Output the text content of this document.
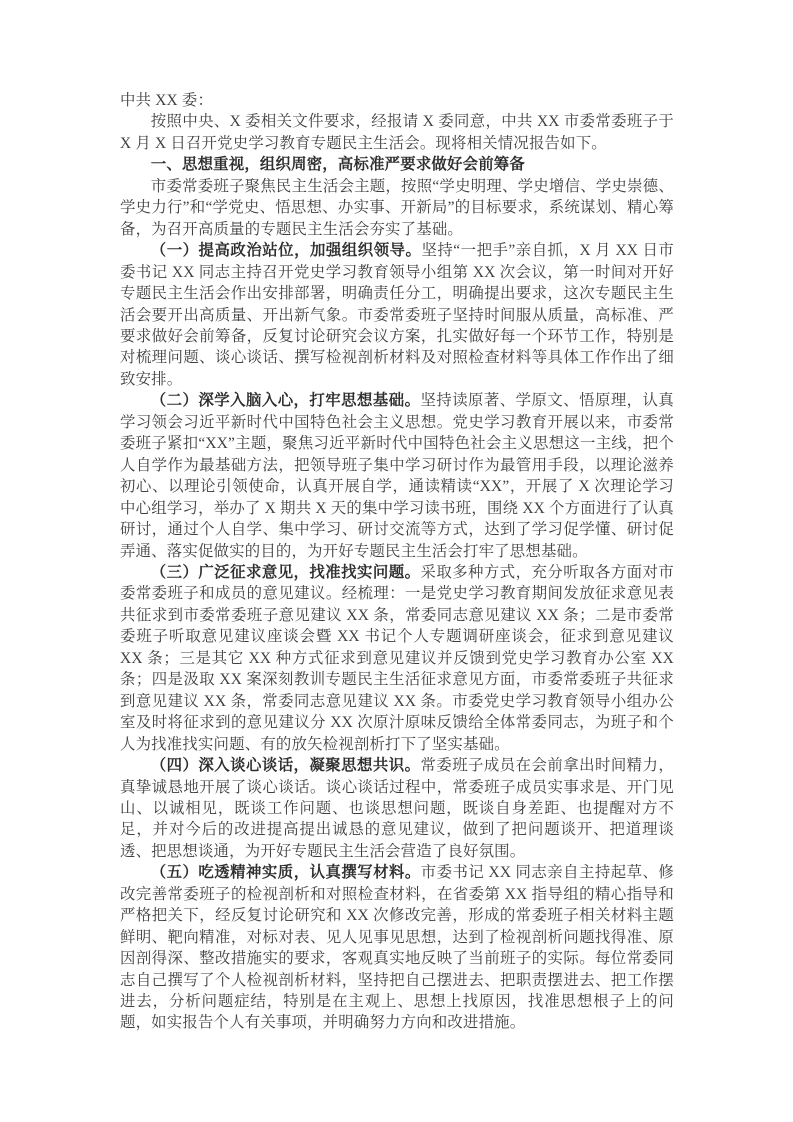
中共 XX 委：

按照中央、X 委相关文件要求，经报请 X 委同意，中共 XX 市委常委班子于 X 月 X 日召开党史学习教育专题民主生活会。现将相关情况报告如下。

一、思想重视，组织周密，高标准严要求做好会前筹备

市委常委班子聚焦民主生活会主题，按照“学史明理、学史增信、学史崇德、学史力行”和“学党史、悟思想、办实事、开新局”的目标要求，系统谋划、精心筹备，为召开高质量的专题民主生活会夯实了基础。

（一）提高政治站位，加强组织领导。坚持“一把手”亲自抓，X 月 XX 日市委书记 XX 同志主持召开党史学习教育领导小组第 XX 次会议，第一时间对开好专题民主生活会作出安排部署，明确责任分工，明确提出要求，这次专题民主生活会要开出高质量、开出新气象。市委常委班子坚持时间服从质量，高标准、严要求做好会前筹备，反复讨论研究会议方案，扎实做好每一个环节工作，特别是对梳理问题、谈心谈话、撰写检视剖析材料及对照检查材料等具体工作作出了细致安排。

（二）深学入脑入心，打牢思想基础。坚持读原著、学原文、悟原理，认真学习领会习近平新时代中国特色社会主义思想。党史学习教育开展以来，市委常委班子紧扣“XX”主题，聚焦习近平新时代中国特色社会主义思想这一主线，把个人自学作为最基础方法，把领导班子集中学习研讨作为最管用手段，以理论滋养初心、以理论引领使命，认真开展自学，通读精读“XX”，开展了 X 次理论学习中心组学习，举办了 X 期共 X 天的集中学习读书班，围绕 XX 个方面进行了认真研讨，通过个人自学、集中学习、研讨交流等方式，达到了学习促学懂、研讨促弄通、落实促做实的目的，为开好专题民主生活会打牢了思想基础。

（三）广泛征求意见，找准找实问题。采取多种方式，充分听取各方面对市委常委班子和成员的意见建议。经梳理：一是党史学习教育期间发放征求意见表共征求到市委常委班子意见建议 XX 条，常委同志意见建议 XX 条；二是市委常委班子听取意见建议座谈会暨 XX 书记个人专题调研座谈会，征求到意见建议 XX 条；三是其它 XX 种方式征求到意见建议并反馈到党史学习教育办公室 XX 条；四是汲取 XX 案深刻教训专题民主生活征求意见方面，市委常委班子共征求到意见建议 XX 条，常委同志意见建议 XX 条。市委党史学习教育领导小组办公室及时将征求到的意见建议分 XX 次原汁原味反馈给全体常委同志，为班子和个人为找准找实问题、有的放矢检视剖析打下了坚实基础。

（四）深入谈心谈话，凝聚思想共识。常委班子成员在会前拿出时间精力，真挚诚恳地开展了谈心谈话。谈心谈话过程中，常委班子成员实事求是、开门见山、以诚相见，既谈工作问题、也谈思想问题，既谈自身差距、也提醒对方不足，并对今后的改进提高提出诚恳的意见建议，做到了把问题谈开、把道理谈透、把思想谈通，为开好专题民主生活会营造了良好氛围。

（五）吃透精神实质，认真撰写材料。市委书记 XX 同志亲自主持起草、修改完善常委班子的检视剖析和对照检查材料，在省委第 XX 指导组的精心指导和严格把关下，经反复讨论研究和 XX 次修改完善，形成的常委班子相关材料主题鲜明、靶向精准，对标对表、见人见事见思想，达到了检视剖析问题找得准、原因剖得深、整改措施实的要求，客观真实地反映了当前班子的实际。每位常委同志自己撰写了个人检视剖析材料，坚持把自己摆进去、把职责摆进去、把工作摆进去，分析问题症结，特别是在主观上、思想上找原因，找准思想根子上的问题，如实报告个人有关事项，并明确努力方向和改进措施。
